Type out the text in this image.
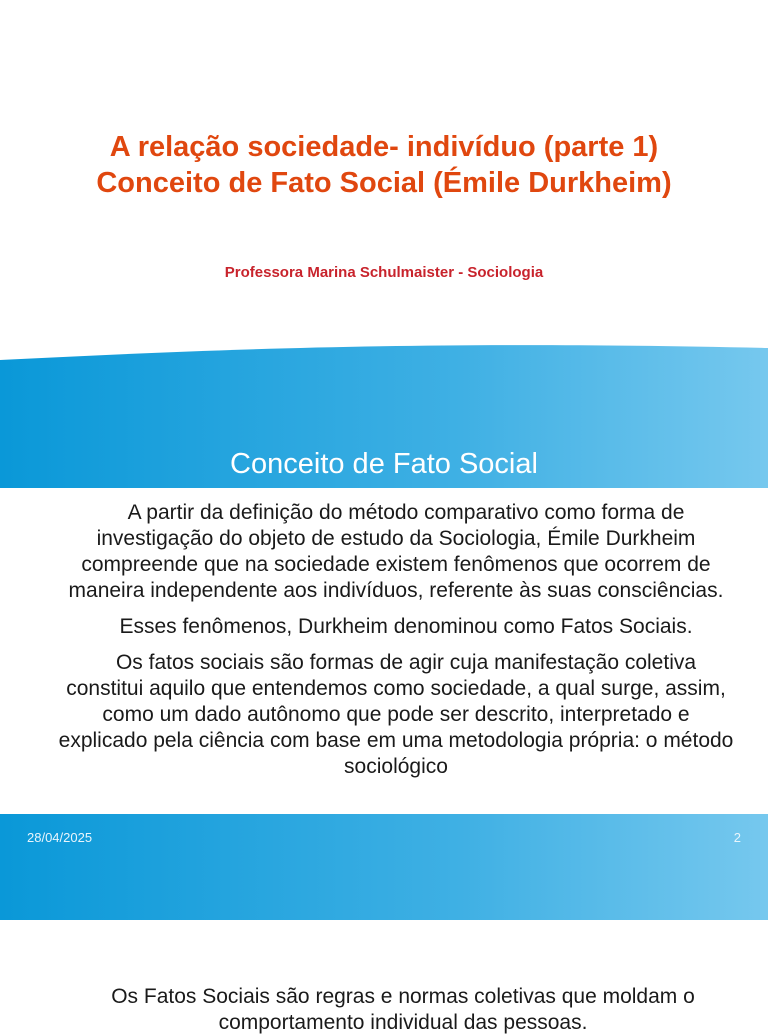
A relação sociedade- indivíduo (parte 1)
Conceito de Fato Social (Émile Durkheim)
Professora Marina Schulmaister - Sociologia
Conceito de Fato Social

A partir da definição do método comparativo como forma de investigação do objeto de estudo da Sociologia, Émile Durkheim compreende que na sociedade existem fenômenos que ocorrem de maneira independente aos indivíduos, referente às suas consciências.

Esses fenômenos, Durkheim denominou como Fatos Sociais.

Os fatos sociais são formas de agir cuja manifestação coletiva constitui aquilo que entendemos como sociedade, a qual surge, assim, como um dado autônomo que pode ser descrito, interpretado e explicado pela ciência com base em uma metodologia própria: o método sociológico

28/04/2025	2
Os Fatos Sociais são regras e normas coletivas que moldam o comportamento individual das pessoas.
